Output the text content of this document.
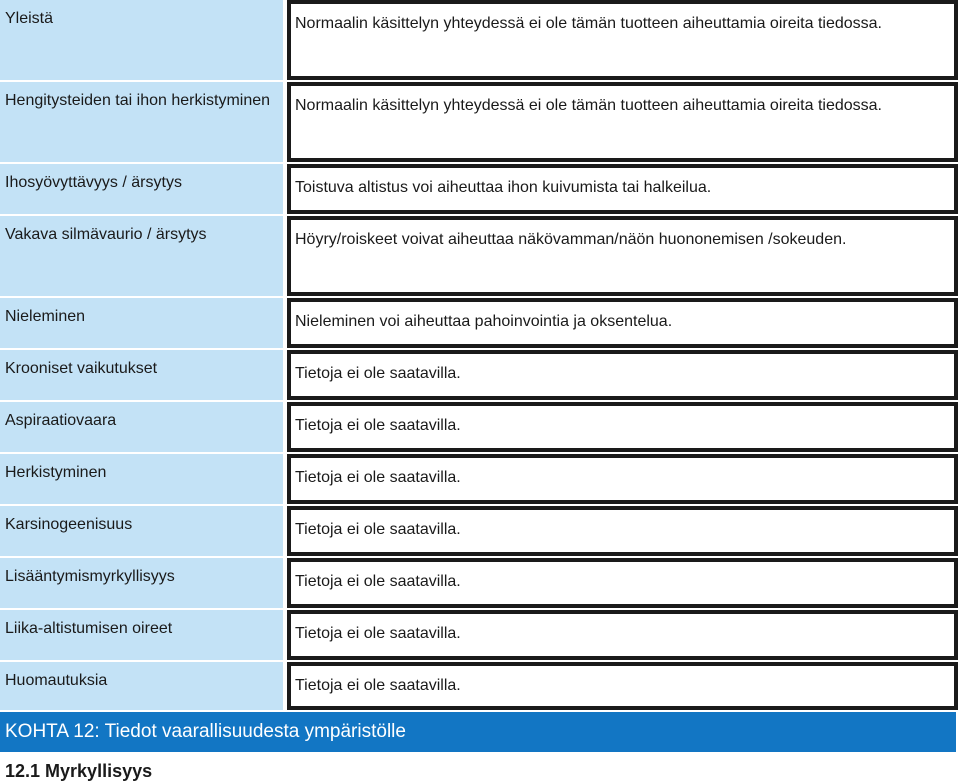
Yleistä	Normaalin käsittelyn yhteydessä ei ole tämän tuotteen aiheuttamia oireita tiedossa.
Hengitysteiden tai ihon herkistyminen	Normaalin käsittelyn yhteydessä ei ole tämän tuotteen aiheuttamia oireita tiedossa.
Ihosyövyttävyys / ärsytys	Toistuva altistus voi aiheuttaa ihon kuivumista tai halkeilua.
Vakava silmävaurio / ärsytys	Höyry/roiskeet voivat aiheuttaa näkövamman/näön huononemisen /sokeuden.
Nieleminen	Nieleminen voi aiheuttaa pahoinvointia ja oksentelua.
Krooniset vaikutukset	Tietoja ei ole saatavilla.
Aspiraatiovaara	Tietoja ei ole saatavilla.
Herkistyminen	Tietoja ei ole saatavilla.
Karsinogeenisuus	Tietoja ei ole saatavilla.
Lisääntymismyrkyllisyys	Tietoja ei ole saatavilla.
Liika-altistumisen oireet	Tietoja ei ole saatavilla.
Huomautuksia	Tietoja ei ole saatavilla.
KOHTA 12: Tiedot vaarallisuudesta ympäristölle
12.1 Myrkyllisyys
